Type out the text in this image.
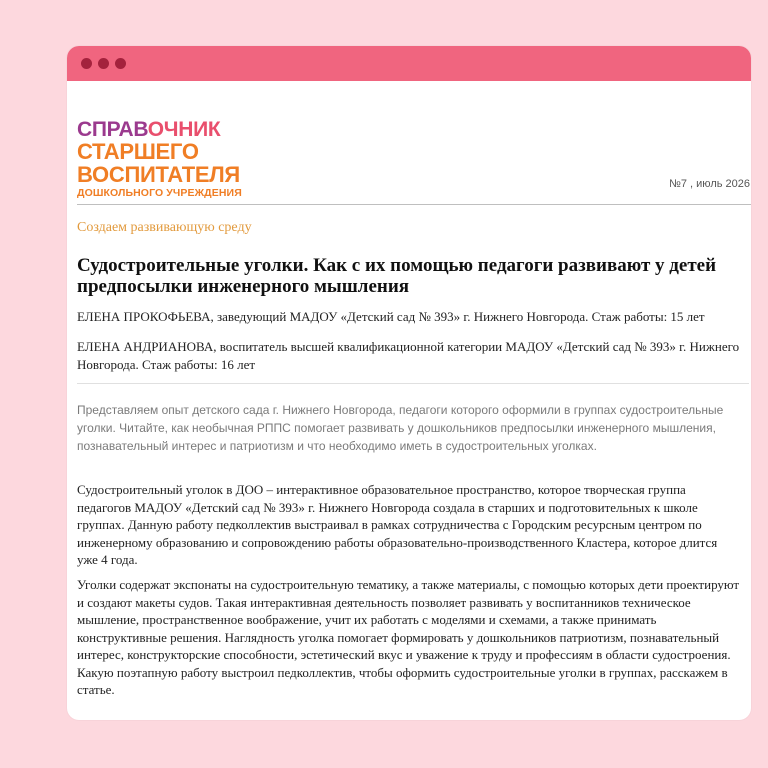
СПРАВОЧНИК
СТАРШЕГО
ВОСПИТАТЕЛЯ
ДОШКОЛЬНОГО УЧРЕЖДЕНИЯ
№7 , июль 2026
Создаем развивающую среду
Судостроительные уголки. Как с их помощью педагоги развивают у детей предпосылки инженерного мышления
ЕЛЕНА ПРОКОФЬЕВА, заведующий МАДОУ «Детский сад № 393» г. Нижнего Новгорода. Стаж работы: 15 лет
ЕЛЕНА АНДРИАНОВА, воспитатель высшей квалификационной категории МАДОУ «Детский сад № 393» г. Нижнего Новгорода. Стаж работы: 16 лет
Представляем опыт детского сада г. Нижнего Новгорода, педагоги которого оформили в группах судостроительные уголки. Читайте, как необычная РППС помогает развивать у дошкольников предпосылки инженерного мышления, познавательный интерес и патриотизм и что необходимо иметь в судостроительных уголках.
Судостроительный уголок в ДОО – интерактивное образовательное пространство, которое творческая группа педагогов МАДОУ «Детский сад № 393» г. Нижнего Новгорода создала в старших и подготовительных к школе группах. Данную работу педколлектив выстраивал в рамках сотрудничества с Городским ресурсным центром по инженерному образованию и сопровождению работы образовательно-производственного Кластера, которое длится уже 4 года.
Уголки содержат экспонаты на судостроительную тематику, а также материалы, с помощью которых дети проектируют и создают макеты судов. Такая интерактивная деятельность позволяет развивать у воспитанников техническое мышление, пространственное воображение, учит их работать с моделями и схемами, а также принимать конструктивные решения. Наглядность уголка помогает формировать у дошкольников патриотизм, познавательный интерес, конструкторские способности, эстетический вкус и уважение к труду и профессиям в области судостроения. Какую поэтапную работу выстроил педколлектив, чтобы оформить судостроительные уголки в группах, расскажем в статье.
